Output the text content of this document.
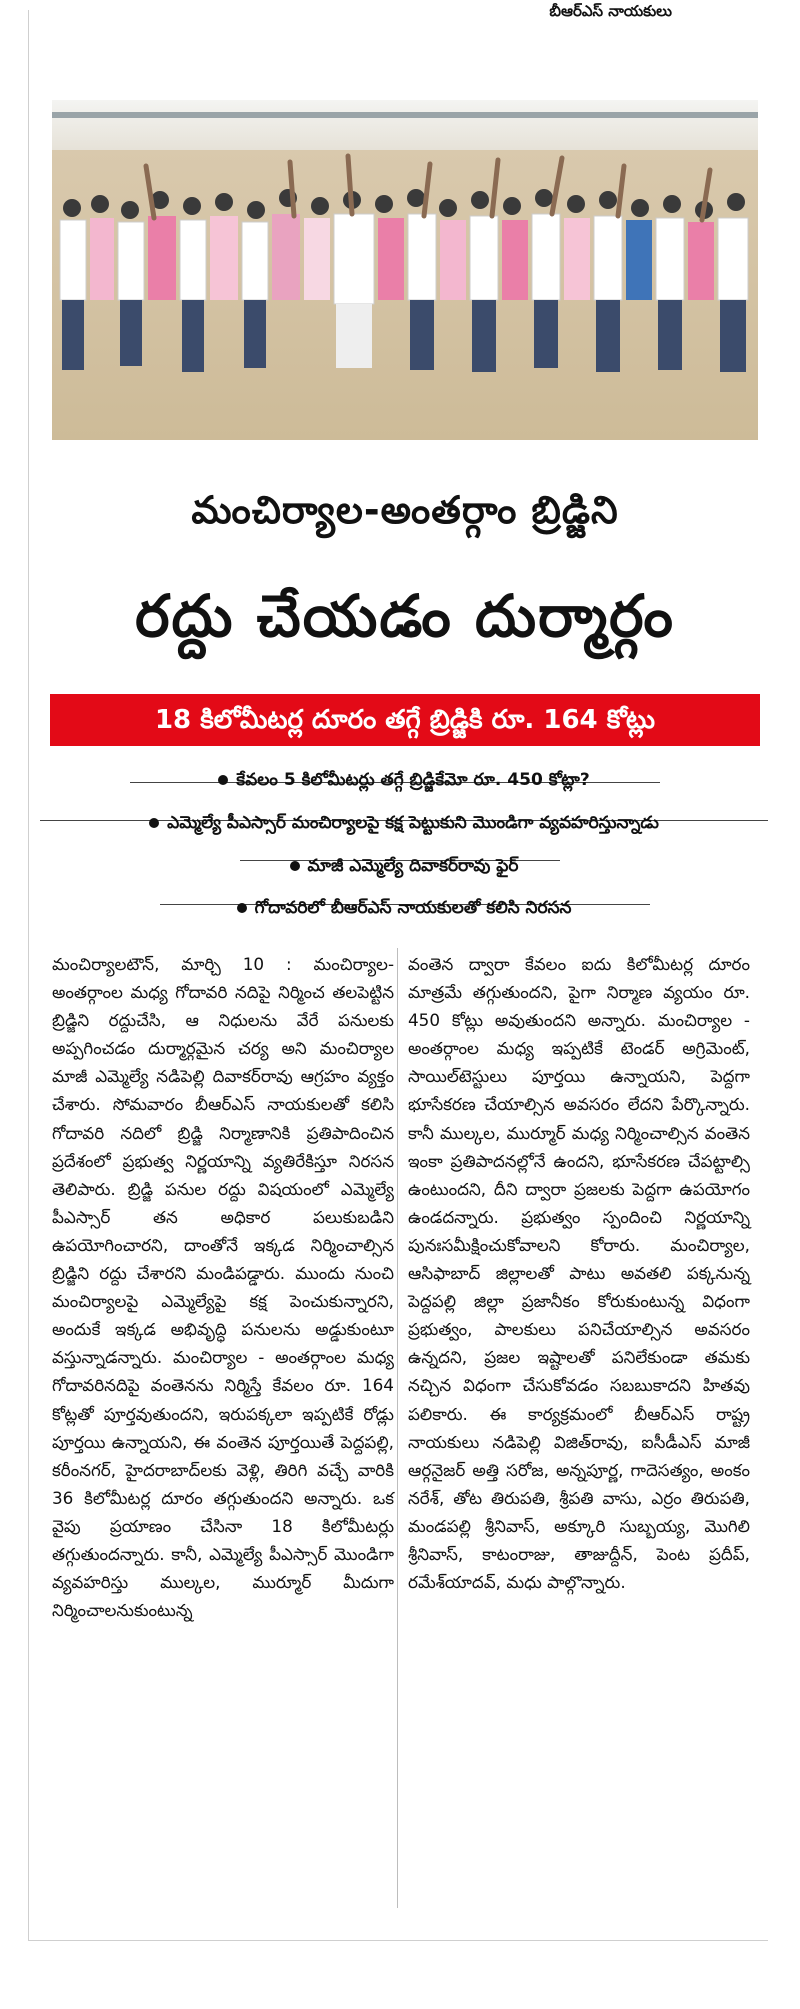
బీఆర్ఎస్ నాయకులు
మంచిర్యాల-అంతర్గాం బ్రిడ్జిని
రద్దు చేయడం దుర్మార్గం
18 కిలోమీటర్ల దూరం తగ్గే బ్రిడ్జికి రూ. 164 కోట్లు
కేవలం 5 కిలోమీటర్లు తగ్గే బ్రిడ్జికేమో రూ. 450 కోట్లా?
ఎమ్మెల్యే పీఎస్సార్ మంచిర్యాలపై కక్ష పెట్టుకుని మొండిగా వ్యవహరిస్తున్నాడు
మాజీ ఎమ్మెల్యే దివాకర్‌రావు ఫైర్
గోదావరిలో బీఆర్ఎస్ నాయకులతో కలిసి నిరసన

మంచిర్యాలటౌన్, మార్చి 10 : మంచిర్యాల-అంతర్గాంల మధ్య గోదావరి నదిపై నిర్మించ తలపెట్టిన బ్రిడ్జిని రద్దుచేసి, ఆ నిధులను వేరే పనులకు అప్పగించడం దుర్మార్గమైన చర్య అని మంచిర్యాల మాజీ ఎమ్మెల్యే నడిపెల్లి దివాకర్‌రావు ఆగ్రహం వ్యక్తం చేశారు. సోమవారం బీఆర్ఎస్ నాయకులతో కలిసి గోదావరి నదిలో బ్రిడ్జి నిర్మాణానికి ప్రతిపాదించిన ప్రదేశంలో ప్రభుత్వ నిర్ణయాన్ని వ్యతిరేకిస్తూ నిరసన తెలిపారు. బ్రిడ్జి పనుల రద్దు విషయంలో ఎమ్మెల్యే పీఎస్సార్ తన అధికార పలుకుబడిని ఉపయోగించారని, దాంతోనే ఇక్కడ నిర్మించాల్సిన బ్రిడ్జిని రద్దు చేశారని మండిపడ్డారు. ముందు నుంచి మంచిర్యాలపై ఎమ్మెల్యేపై కక్ష పెంచుకున్నారని, అందుకే ఇక్కడ అభివృద్ధి పనులను అడ్డుకుంటూ వస్తున్నాడన్నారు. మంచిర్యాల - అంతర్గాంల మధ్య గోదావరినదిపై వంతెనను నిర్మిస్తే కేవలం రూ. 164 కోట్లతో పూర్తవుతుందని, ఇరుపక్కలా ఇప్పటికే రోడ్లు పూర్తయి ఉన్నాయని, ఈ వంతెన పూర్తయితే పెద్దపల్లి, కరీంనగర్, హైదరాబాద్‌లకు వెళ్లి, తిరిగి వచ్చే వారికి 36 కిలోమీటర్ల దూరం తగ్గుతుందని అన్నారు. ఒక వైపు ప్రయాణం చేసినా 18 కిలోమీటర్లు తగ్గుతుందన్నారు. కానీ, ఎమ్మెల్యే పీఎస్సార్ మొండిగా వ్యవహరిస్తు ముల్కల, ముర్మూర్ మీదుగా నిర్మించాలనుకుంటున్న

వంతెన ద్వారా కేవలం ఐదు కిలోమీటర్ల దూరం మాత్రమే తగ్గుతుందని, పైగా నిర్మాణ వ్యయం రూ. 450 కోట్లు అవుతుందని అన్నారు. మంచిర్యాల - అంతర్గాంల మధ్య ఇప్పటికే టెండర్ అగ్రిమెంట్, సాయిల్‌టెస్టులు పూర్తయి ఉన్నాయని, పెద్దగా భూసేకరణ చేయాల్సిన అవసరం లేదని పేర్కొన్నారు. కానీ ముల్కల, ముర్మూర్ మధ్య నిర్మించాల్సిన వంతెన ఇంకా ప్రతిపాదనల్లోనే ఉందని, భూసేకరణ చేపట్టాల్సి ఉంటుందని, దీని ద్వారా ప్రజలకు పెద్దగా ఉపయోగం ఉండదన్నారు. ప్రభుత్వం స్పందించి నిర్ణయాన్ని పునఃసమీక్షించుకోవాలని కోరారు. మంచిర్యాల, ఆసిఫాబాద్ జిల్లాలతో పాటు అవతలి పక్కనున్న పెద్దపల్లి జిల్లా ప్రజానీకం కోరుకుంటున్న విధంగా ప్రభుత్వం, పాలకులు పనిచేయాల్సిన అవసరం ఉన్నదని, ప్రజల ఇష్టాలతో పనిలేకుండా తమకు నచ్చిన విధంగా చేసుకోవడం సబబుకాదని హితవు పలికారు. ఈ కార్యక్రమంలో బీఆర్ఎస్ రాష్ట్ర నాయకులు నడిపెల్లి విజిత్‌రావు, ఐసీడీఎస్ మాజీ ఆర్గనైజర్ అత్తి సరోజ, అన్నపూర్ణ, గాదెసత్యం, అంకం నరేశ్, తోట తిరుపతి, శ్రీపతి వాసు, ఎర్రం తిరుపతి, మండపల్లి శ్రీనివాస్, అక్కూరి సుబ్బయ్య, మొగిలి శ్రీనివాస్, కాటంరాజు, తాజుద్దీన్, పెంట ప్రదీప్, రమేశ్‌యాదవ్, మధు పాల్గొన్నారు.
